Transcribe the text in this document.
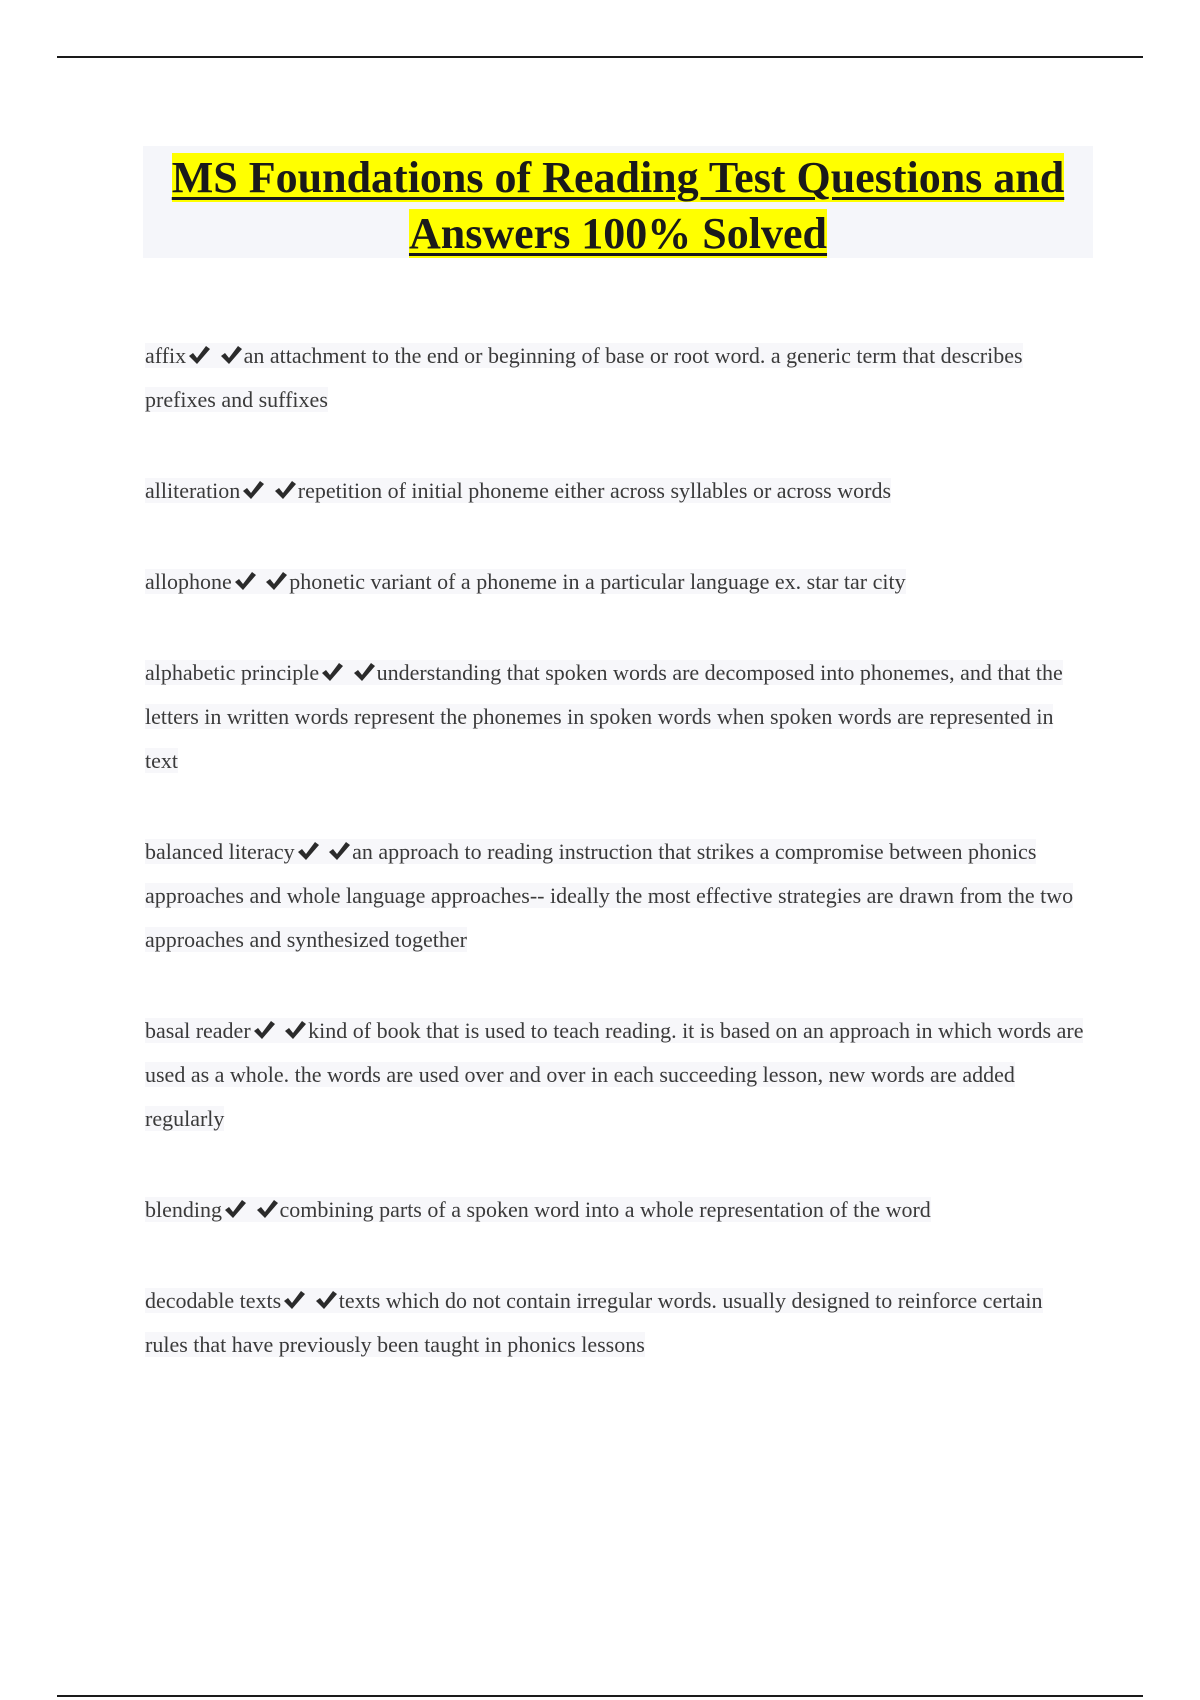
MS Foundations of Reading Test Questions and Answers 100% Solved

affix
	an attachment to the end or beginning of base or root word. a generic term that describes prefixes and suffixes

alliteration
	repetition of initial phoneme either across syllables or across words

allophone
	phonetic variant of a phoneme in a particular language ex. star tar city

alphabetic principle
	understanding that spoken words are decomposed into phonemes, and that the letters in written words represent the phonemes in spoken words when spoken words are represented in text

balanced literacy
	an approach to reading instruction that strikes a compromise between phonics approaches and whole language approaches-- ideally the most effective strategies are drawn from the two approaches and synthesized together

basal reader
	kind of book that is used to teach reading. it is based on an approach in which words are used as a whole. the words are used over and over in each succeeding lesson, new words are added regularly

blending
	combining parts of a spoken word into a whole representation of the word

decodable texts
	texts which do not contain irregular words. usually designed to reinforce certain rules that have previously been taught in phonics lessons
